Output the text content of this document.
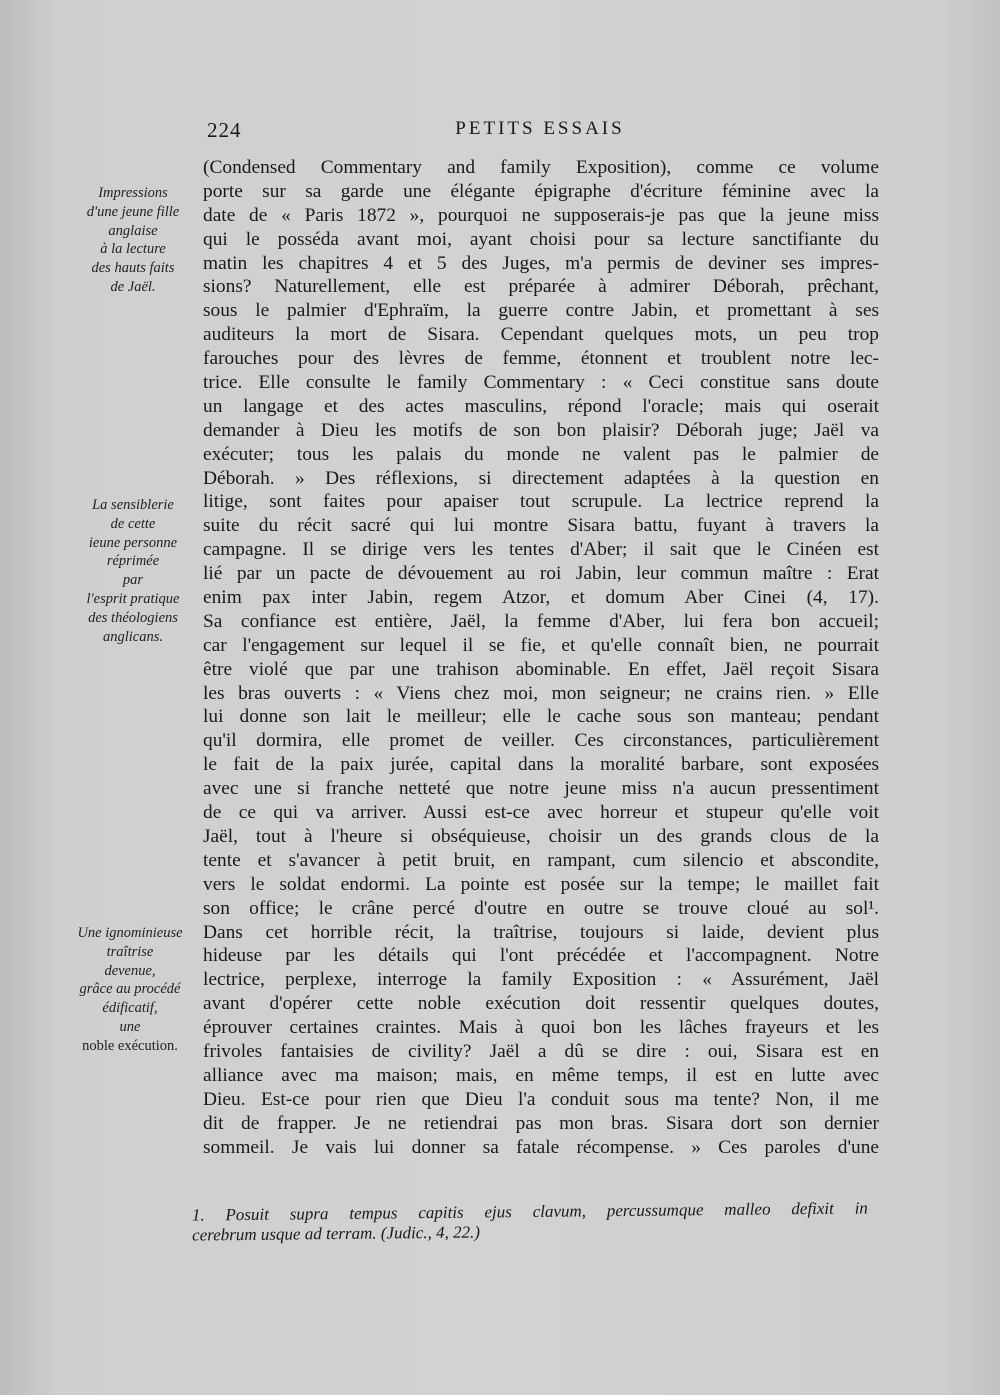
224	PETITS ESSAIS
Impressions
d'une jeune fille
anglaise
à la lecture
des hauts faits
de Jaël.
La sensiblerie
de cette
ieune personne
réprimée
par
l'esprit pratique
des théologiens
anglicans.
Une ignominieuse
traîtrise
devenue,
grâce au procédé
édificatif,
une
noble exécution.
(Condensed Commentary and family Exposition), comme ce volume
porte sur sa garde une élégante épigraphe d'écriture féminine avec la
date de « Paris 1872 », pourquoi ne supposerais-je pas que la jeune miss
qui le posséda avant moi, ayant choisi pour sa lecture sanctifiante du
matin les chapitres 4 et 5 des Juges, m'a permis de deviner ses impres-
sions? Naturellement, elle est préparée à admirer Déborah, prêchant,
sous le palmier d'Ephraïm, la guerre contre Jabin, et promettant à ses
auditeurs la mort de Sisara. Cependant quelques mots, un peu trop
farouches pour des lèvres de femme, étonnent et troublent notre lec-
trice. Elle consulte le family Commentary : « Ceci constitue sans doute
un langage et des actes masculins, répond l'oracle; mais qui oserait
demander à Dieu les motifs de son bon plaisir? Déborah juge; Jaël va
exécuter; tous les palais du monde ne valent pas le palmier de
Déborah. » Des réflexions, si directement adaptées à la question en
litige, sont faites pour apaiser tout scrupule. La lectrice reprend la
suite du récit sacré qui lui montre Sisara battu, fuyant à travers la
campagne. Il se dirige vers les tentes d'Aber; il sait que le Cinéen est
lié par un pacte de dévouement au roi Jabin, leur commun maître : Erat
enim pax inter Jabin, regem Atzor, et domum Aber Cinei (4, 17).
Sa confiance est entière, Jaël, la femme d'Aber, lui fera bon accueil;
car l'engagement sur lequel il se fie, et qu'elle connaît bien, ne pourrait
être violé que par une trahison abominable. En effet, Jaël reçoit Sisara
les bras ouverts : « Viens chez moi, mon seigneur; ne crains rien. » Elle
lui donne son lait le meilleur; elle le cache sous son manteau; pendant
qu'il dormira, elle promet de veiller. Ces circonstances, particulièrement
le fait de la paix jurée, capital dans la moralité barbare, sont exposées
avec une si franche netteté que notre jeune miss n'a aucun pressentiment
de ce qui va arriver. Aussi est-ce avec horreur et stupeur qu'elle voit
Jaël, tout à l'heure si obséquieuse, choisir un des grands clous de la
tente et s'avancer à petit bruit, en rampant, cum silencio et abscondite,
vers le soldat endormi. La pointe est posée sur la tempe; le maillet fait
son office; le crâne percé d'outre en outre se trouve cloué au sol¹.
Dans cet horrible récit, la traîtrise, toujours si laide, devient plus
hideuse par les détails qui l'ont précédée et l'accompagnent. Notre
lectrice, perplexe, interroge la family Exposition : « Assurément, Jaël
avant d'opérer cette noble exécution doit ressentir quelques doutes,
éprouver certaines craintes. Mais à quoi bon les lâches frayeurs et les
frivoles fantaisies de civility? Jaël a dû se dire : oui, Sisara est en
alliance avec ma maison; mais, en même temps, il est en lutte avec
Dieu. Est-ce pour rien que Dieu l'a conduit sous ma tente? Non, il me
dit de frapper. Je ne retiendrai pas mon bras. Sisara dort son dernier
sommeil. Je vais lui donner sa fatale récompense. » Ces paroles d'une
1. Posuit supra tempus capitis ejus clavum, percussumque malleo defixit in
cerebrum usque ad terram. (Judic., 4, 22.)
